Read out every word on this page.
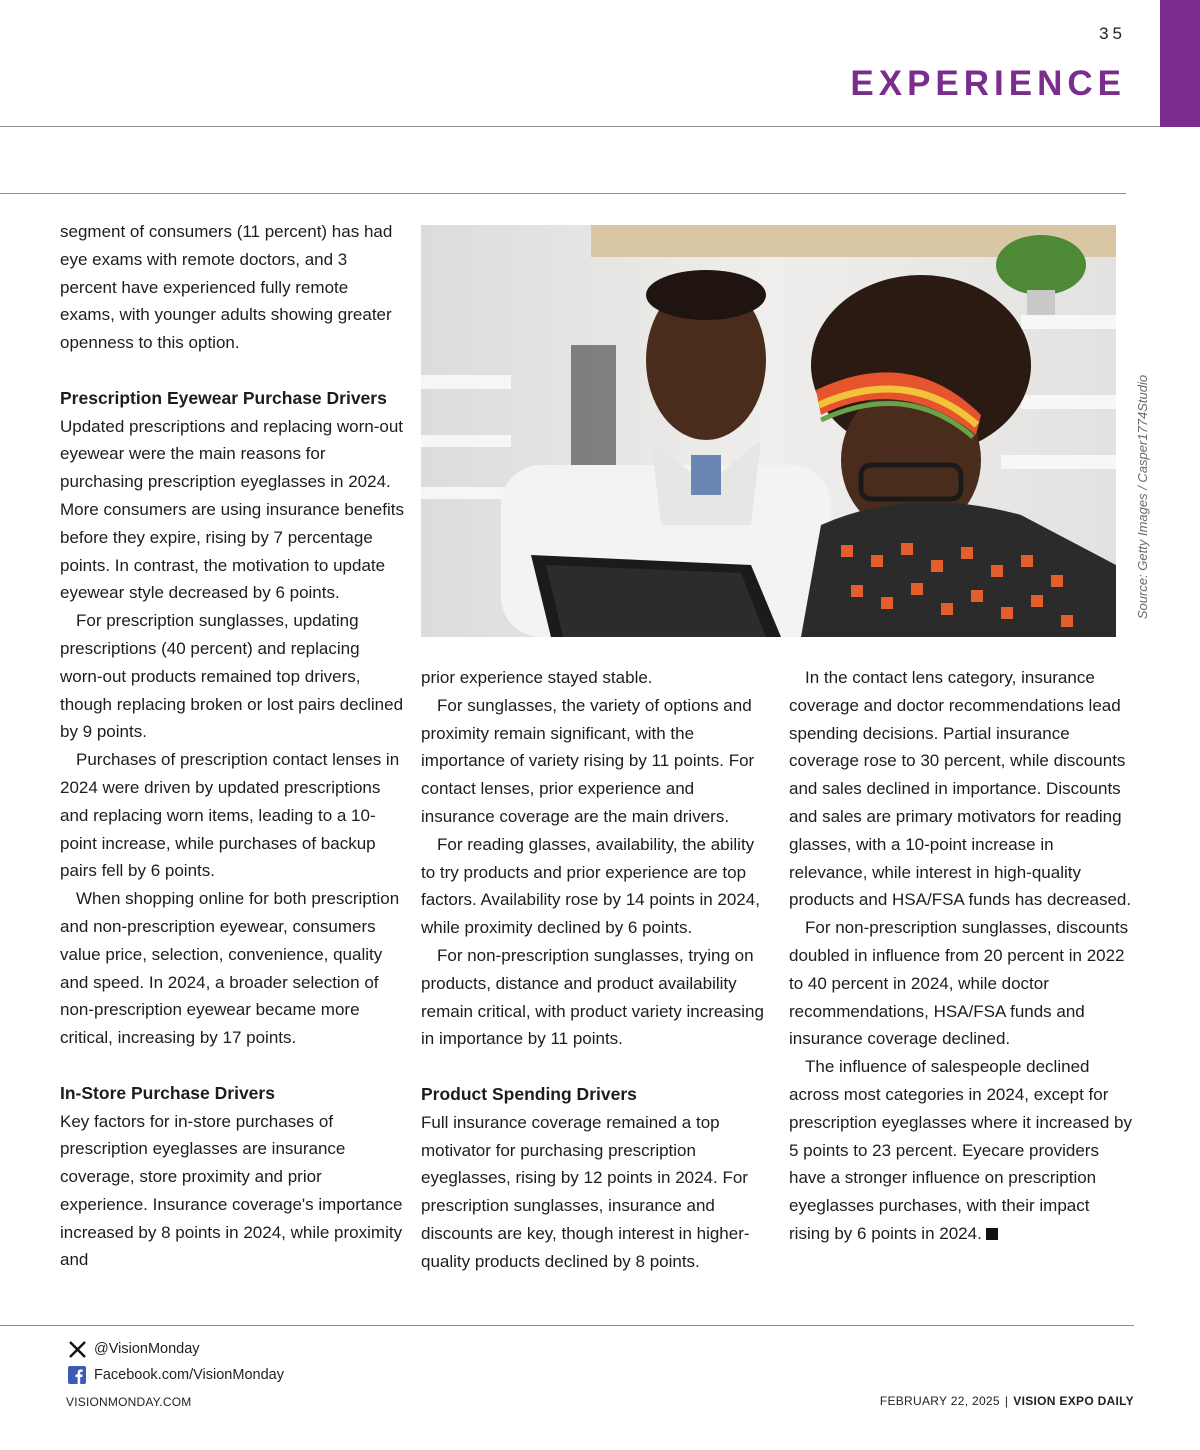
35
EXPERIENCE

segment of consumers (11 percent) has had eye exams with remote doctors, and 3 percent have experienced fully remote exams, with younger adults showing greater openness to this option.

Prescription Eyewear Purchase Drivers

Updated prescriptions and replacing worn-out eyewear were the main reasons for purchasing prescription eyeglasses in 2024. More consumers are using insurance benefits before they expire, rising by 7 percentage points. In contrast, the motivation to update eyewear style decreased by 6 points.

For prescription sunglasses, updating prescriptions (40 percent) and replacing worn-out products remained top drivers, though replacing broken or lost pairs declined by 9 points.

Purchases of prescription contact lenses in 2024 were driven by updated prescriptions and replacing worn items, leading to a 10-point increase, while purchases of backup pairs fell by 6 points.

When shopping online for both prescription and non-prescription eyewear, consumers value price, selection, convenience, quality and speed. In 2024, a broader selection of non-prescription eyewear became more critical, increasing by 17 points.

In-Store Purchase Drivers

Key factors for in-store purchases of prescription eyeglasses are insurance coverage, store proximity and prior experience. Insurance coverage's importance increased by 8 points in 2024, while proximity and

Source: Getty Images / Casper1774Studio

prior experience stayed stable.

For sunglasses, the variety of options and proximity remain significant, with the importance of variety rising by 11 points. For contact lenses, prior experience and insurance coverage are the main drivers.

For reading glasses, availability, the ability to try products and prior experience are top factors. Availability rose by 14 points in 2024, while proximity declined by 6 points.

For non-prescription sunglasses, trying on products, distance and product availability remain critical, with product variety increasing in importance by 11 points.

Product Spending Drivers

Full insurance coverage remained a top motivator for purchasing prescription eyeglasses, rising by 12 points in 2024. For prescription sunglasses, insurance and discounts are key, though interest in higher-quality products declined by 8 points.

In the contact lens category, insurance coverage and doctor recommendations lead spending decisions. Partial insurance coverage rose to 30 percent, while discounts and sales declined in importance. Discounts and sales are primary motivators for reading glasses, with a 10-point increase in relevance, while interest in high-quality products and HSA/FSA funds has decreased.

For non-prescription sunglasses, discounts doubled in influence from 20 percent in 2022 to 40 percent in 2024, while doctor recommendations, HSA/FSA funds and insurance coverage declined.

The influence of salespeople declined across most categories in 2024, except for prescription eyeglasses where it increased by 5 points to 23 percent. Eyecare providers have a stronger influence on prescription eyeglasses purchases, with their impact rising by 6 points in 2024.

@VisionMonday
Facebook.com/VisionMonday
VISIONMONDAY.COM	FEBRUARY 22, 2025 | VISION EXPO DAILY
